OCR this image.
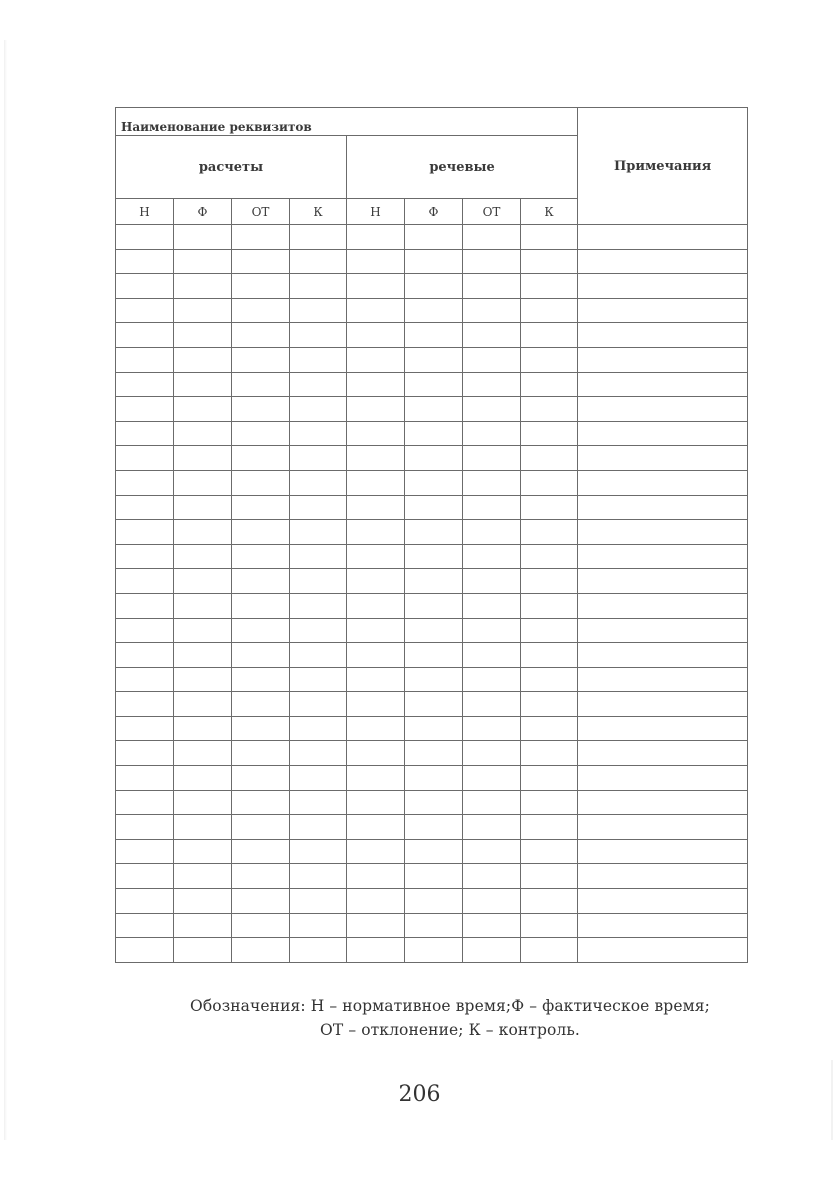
Наименование реквизитов								Примечания
расчеты				речевые				
Н	Ф	ОТ	К	Н	Ф	ОТ	К	

Обозначения: Н – нормативное время;Ф – фактическое время;
ОТ – отклонение; К – контроль.
206
